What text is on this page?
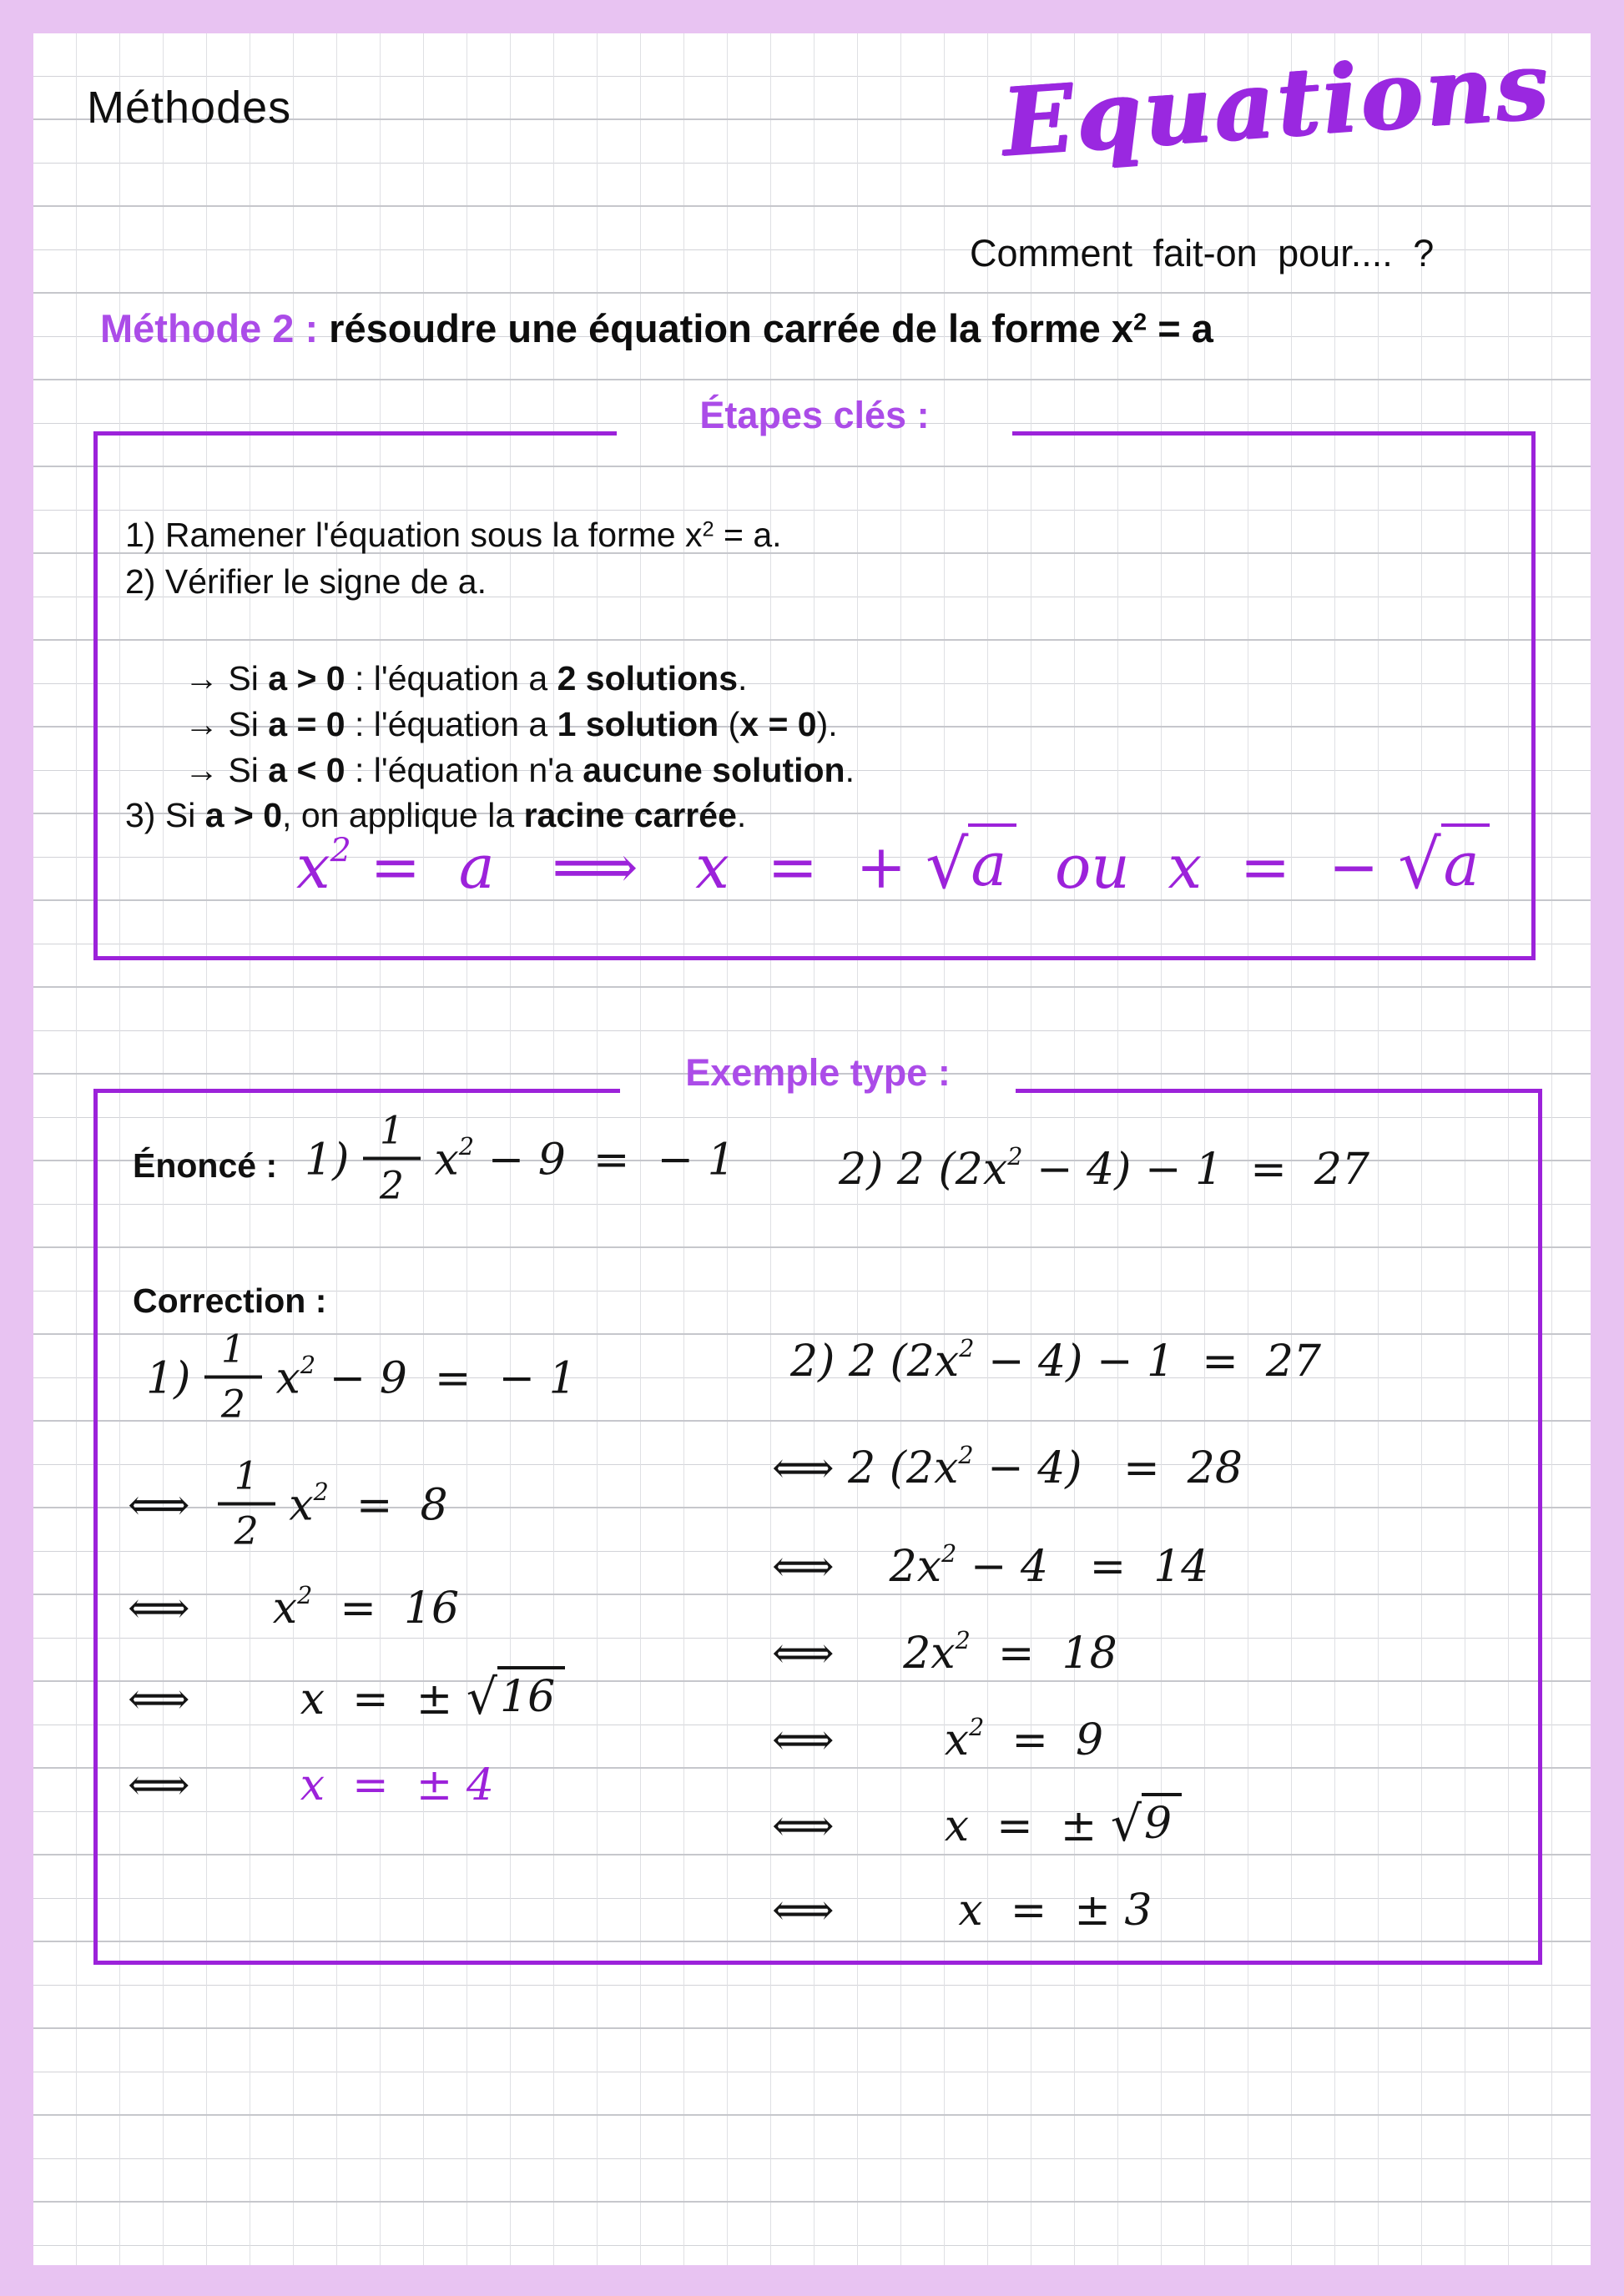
Méthodes	Equations
Comment fait-on pour.... ?
Méthode 2 : résoudre une équation carrée de la forme $x^2 = a$
Étapes clés :
1) Ramener l'équation sous la forme $x^2 = a$.
2) Vérifier le signe de a.
→ Si a > 0 : l'équation a 2 solutions.
→ Si a = 0 : l'équation a 1 solution (x = 0).
→ Si a < 0 : l'équation n'a aucune solution.
3) Si a > 0, on applique la racine carrée.
x2 =  a   ⟹   x  =  + √a  ou  x  =  − √a
Exemple type :
Énoncé : $1) \frac{1}{2} x2 - 9$  =  − 1 2) 2 (2x2 − 4) − 1  =  27
Correction :
$1) \frac{1}{2} x2 - 9$  =  − 1
⟺ $\frac{1}{2} x2 = 8$
⟺      x2  =  16
⟺        x  =  ± √16
⟺        x  =  ± 4
2) 2 (2x2 − 4) − 1  =  27
⟺ 2 (2x2 − 4)   =  28
⟺    2x2 − 4   =  14
⟺     2x2  =  18
⟺        x2  =  9
⟺        x  =  ± √9
⟺         x  =  ± 3
